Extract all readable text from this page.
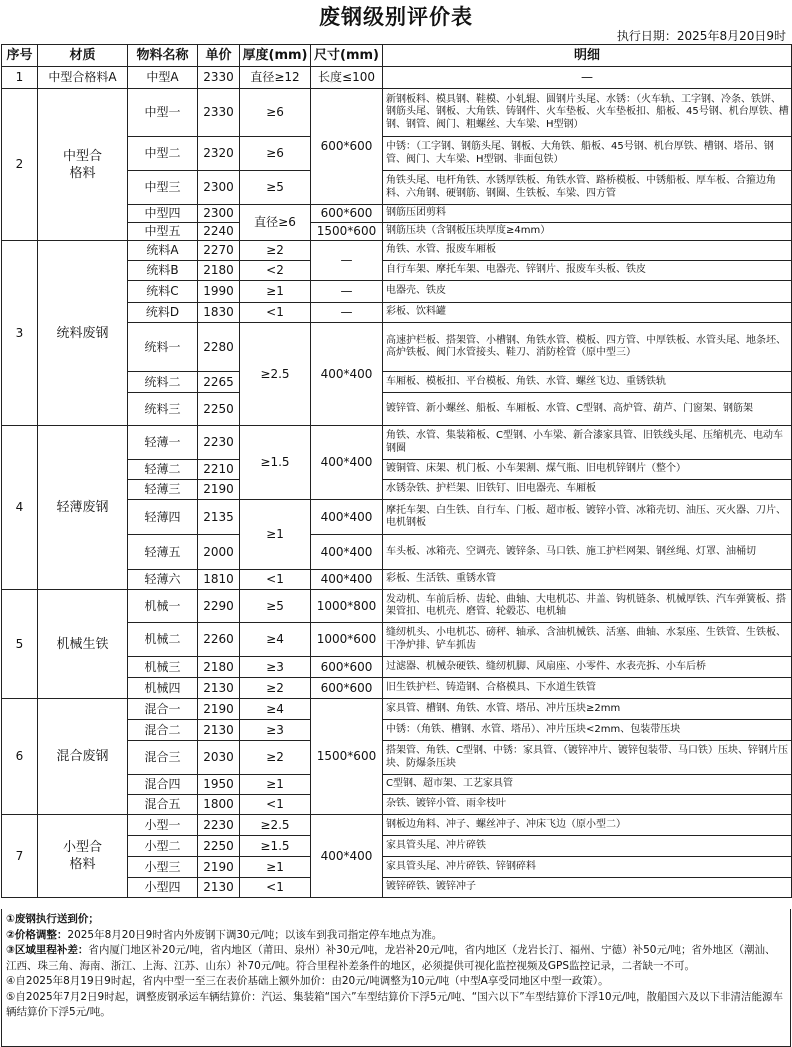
废钢级别评价表
执行日期：2025年8月20日9时
序号	材质	物料名称	单价	厚度(mm)	尺寸(mm)	明细
1	中型合格料A	中型A	2330	直径≥12	长度≤100	—
2	中型合格料	中型一	2330	≥6	600*600	新钢板料、模具钢、鞋模、小轧辊、圆钢片头尾、水锈：（火车轨、工字钢、冷条、铁饼、钢筋头尾、钢板、大角铁、铸钢件、火车垫板、火车垫板扣、船板、45号钢、机台厚铁、槽钢、钢管、阀门、粗螺丝、大车梁、H型钢）
		中型二	2320	≥6		中锈：（工字钢、钢筋头尾、钢板、大角铁、船板、45号钢、机台厚铁、槽钢、塔吊、钢管、阀门、大车梁、H型钢、非面包铁）
		中型三	2300	≥5		角铁头尾、电杆角铁、水锈厚铁板、角铁水管、路桥模板、中锈船板、厚车板、合箍边角料、六角钢、硬钢筋、钢圈、生铁板、车梁、四方管
		中型四	2300	直径≥6	600*600	钢筋压团剪料
		中型五	2240		1500*600	钢筋压块（含钢板压块厚度≥4mm）
3	统料废钢	统料A	2270	≥2	—	角铁、水管、报废车厢板
		统料B	2180	<2		自行车架、摩托车架、电器壳、锌钢片、报废车头板、铁皮
		统料C	1990	≥1	—	电器壳、铁皮
		统料D	1830	<1	—	彩板、饮料罐
		统料一	2280	≥2.5	400*400	高速护栏板、搭架管、小槽钢、角铁水管、模板、四方管、中厚铁板、水管头尾、地条坯、高炉铁板、阀门水管接头、鞋刀、消防栓管（原中型三）
		统料二	2265			车厢板、模板扣、平台模板、角铁、水管、螺丝飞边、重锈铁轨
		统料三	2250			镀锌管、新小螺丝、船板、车厢板、水管、C型钢、高炉管、葫芦、门窗架、钢筋架
4	轻薄废钢	轻薄一	2230	≥1.5	400*400	角铁、水管、集装箱板、C型钢、小车梁、新合漆家具管、旧铁线头尾、压缩机壳、电动车钢圈
		轻薄二	2210			镀铜管、床架、机门板、小车架割、煤气瓶、旧电机锌钢片（整个）
		轻薄三	2190			水锈杂铁、护栏架、旧铁钉、旧电器壳、车厢板
		轻薄四	2135	≥1	400*400	摩托车架、白生铁、自行车、门板、超市板、镀锌小管、冰箱壳切、油压、灭火器、刀片、电机钢板
		轻薄五	2000		400*400	车头板、冰箱壳、空调壳、镀锌条、马口铁、施工护栏网架、钢丝绳、灯罩、油桶切
		轻薄六	1810	<1	400*400	彩板、生活铁、重锈水管
5	机械生铁	机械一	2290	≥5	1000*800	发动机、车前后桥、齿轮、曲轴、大电机芯、井盖、钩机链条、机械厚铁、汽车弹簧板、搭架管扣、电机壳、磨管、轮毂芯、电机轴
		机械二	2260	≥4	1000*600	缝纫机头、小电机芯、磅秤、轴承、含油机械铁、活塞、曲轴、水泵座、生铁管、生铁板、干净炉排、铲车抓齿
		机械三	2180	≥3	600*600	过滤器、机械杂硬铁、缝纫机脚、风扇座、小零件、水表壳拆、小车后桥
		机械四	2130	≥2	600*600	旧生铁护栏、铸造钢、合格模具、下水道生铁管
6	混合废钢	混合一	2190	≥4	1500*600	家具管、槽钢、角铁、水管、塔吊、冲片压块≥2mm
		混合二	2130	≥3		中锈：（角铁、槽钢、水管、塔吊）、冲片压块<2mm、包装带压块
		混合三	2030	≥2		搭架管、角铁、C型钢、中锈：家具管、（镀锌冲片、镀锌包装带、马口铁）压块、锌钢片压块、防爆条压块
		混合四	1950	≥1		C型钢、超市架、工艺家具管
		混合五	1800	<1		杂铁、镀锌小管、雨伞枝叶
7	小型合格料	小型一	2230	≥2.5	400*400	钢板边角料、冲子、螺丝冲子、冲床飞边（原小型二）
		小型二	2250	≥1.5		家具管头尾、冲片碎铁
		小型三	2190	≥1		家具管头尾、冲片碎铁、锌钢碎料
		小型四	2130	<1		镀锌碎铁、镀锌冲子
①废钢执行送到价；
②价格调整：2025年8月20日9时省内外废钢下调30元/吨；以该车到我司指定停车地点为准。
③区域里程补差：省内厦门地区补20元/吨，省内地区（莆田、泉州）补30元/吨，龙岩补20元/吨，省内地区（龙岩长汀、福州、宁德）补50元/吨；省外地区（潮汕、江西、珠三角、海南、浙江、上海、江苏、山东）补70元/吨。符合里程补差条件的地区，必须提供可视化监控视频及GPS监控记录，二者缺一不可。
④自2025年8月19日9时起，省内中型一至三在表价基础上额外加价：由20元/吨调整为10元/吨（中型A享受同地区中型一政策）。
⑤自2025年7月2日9时起，调整废钢承运车辆结算价：汽运、集装箱“国六”车型结算价下浮5元/吨、“国六以下”车型结算价下浮10元/吨，散船国六及以下非清洁能源车辆结算价下浮5元/吨。
